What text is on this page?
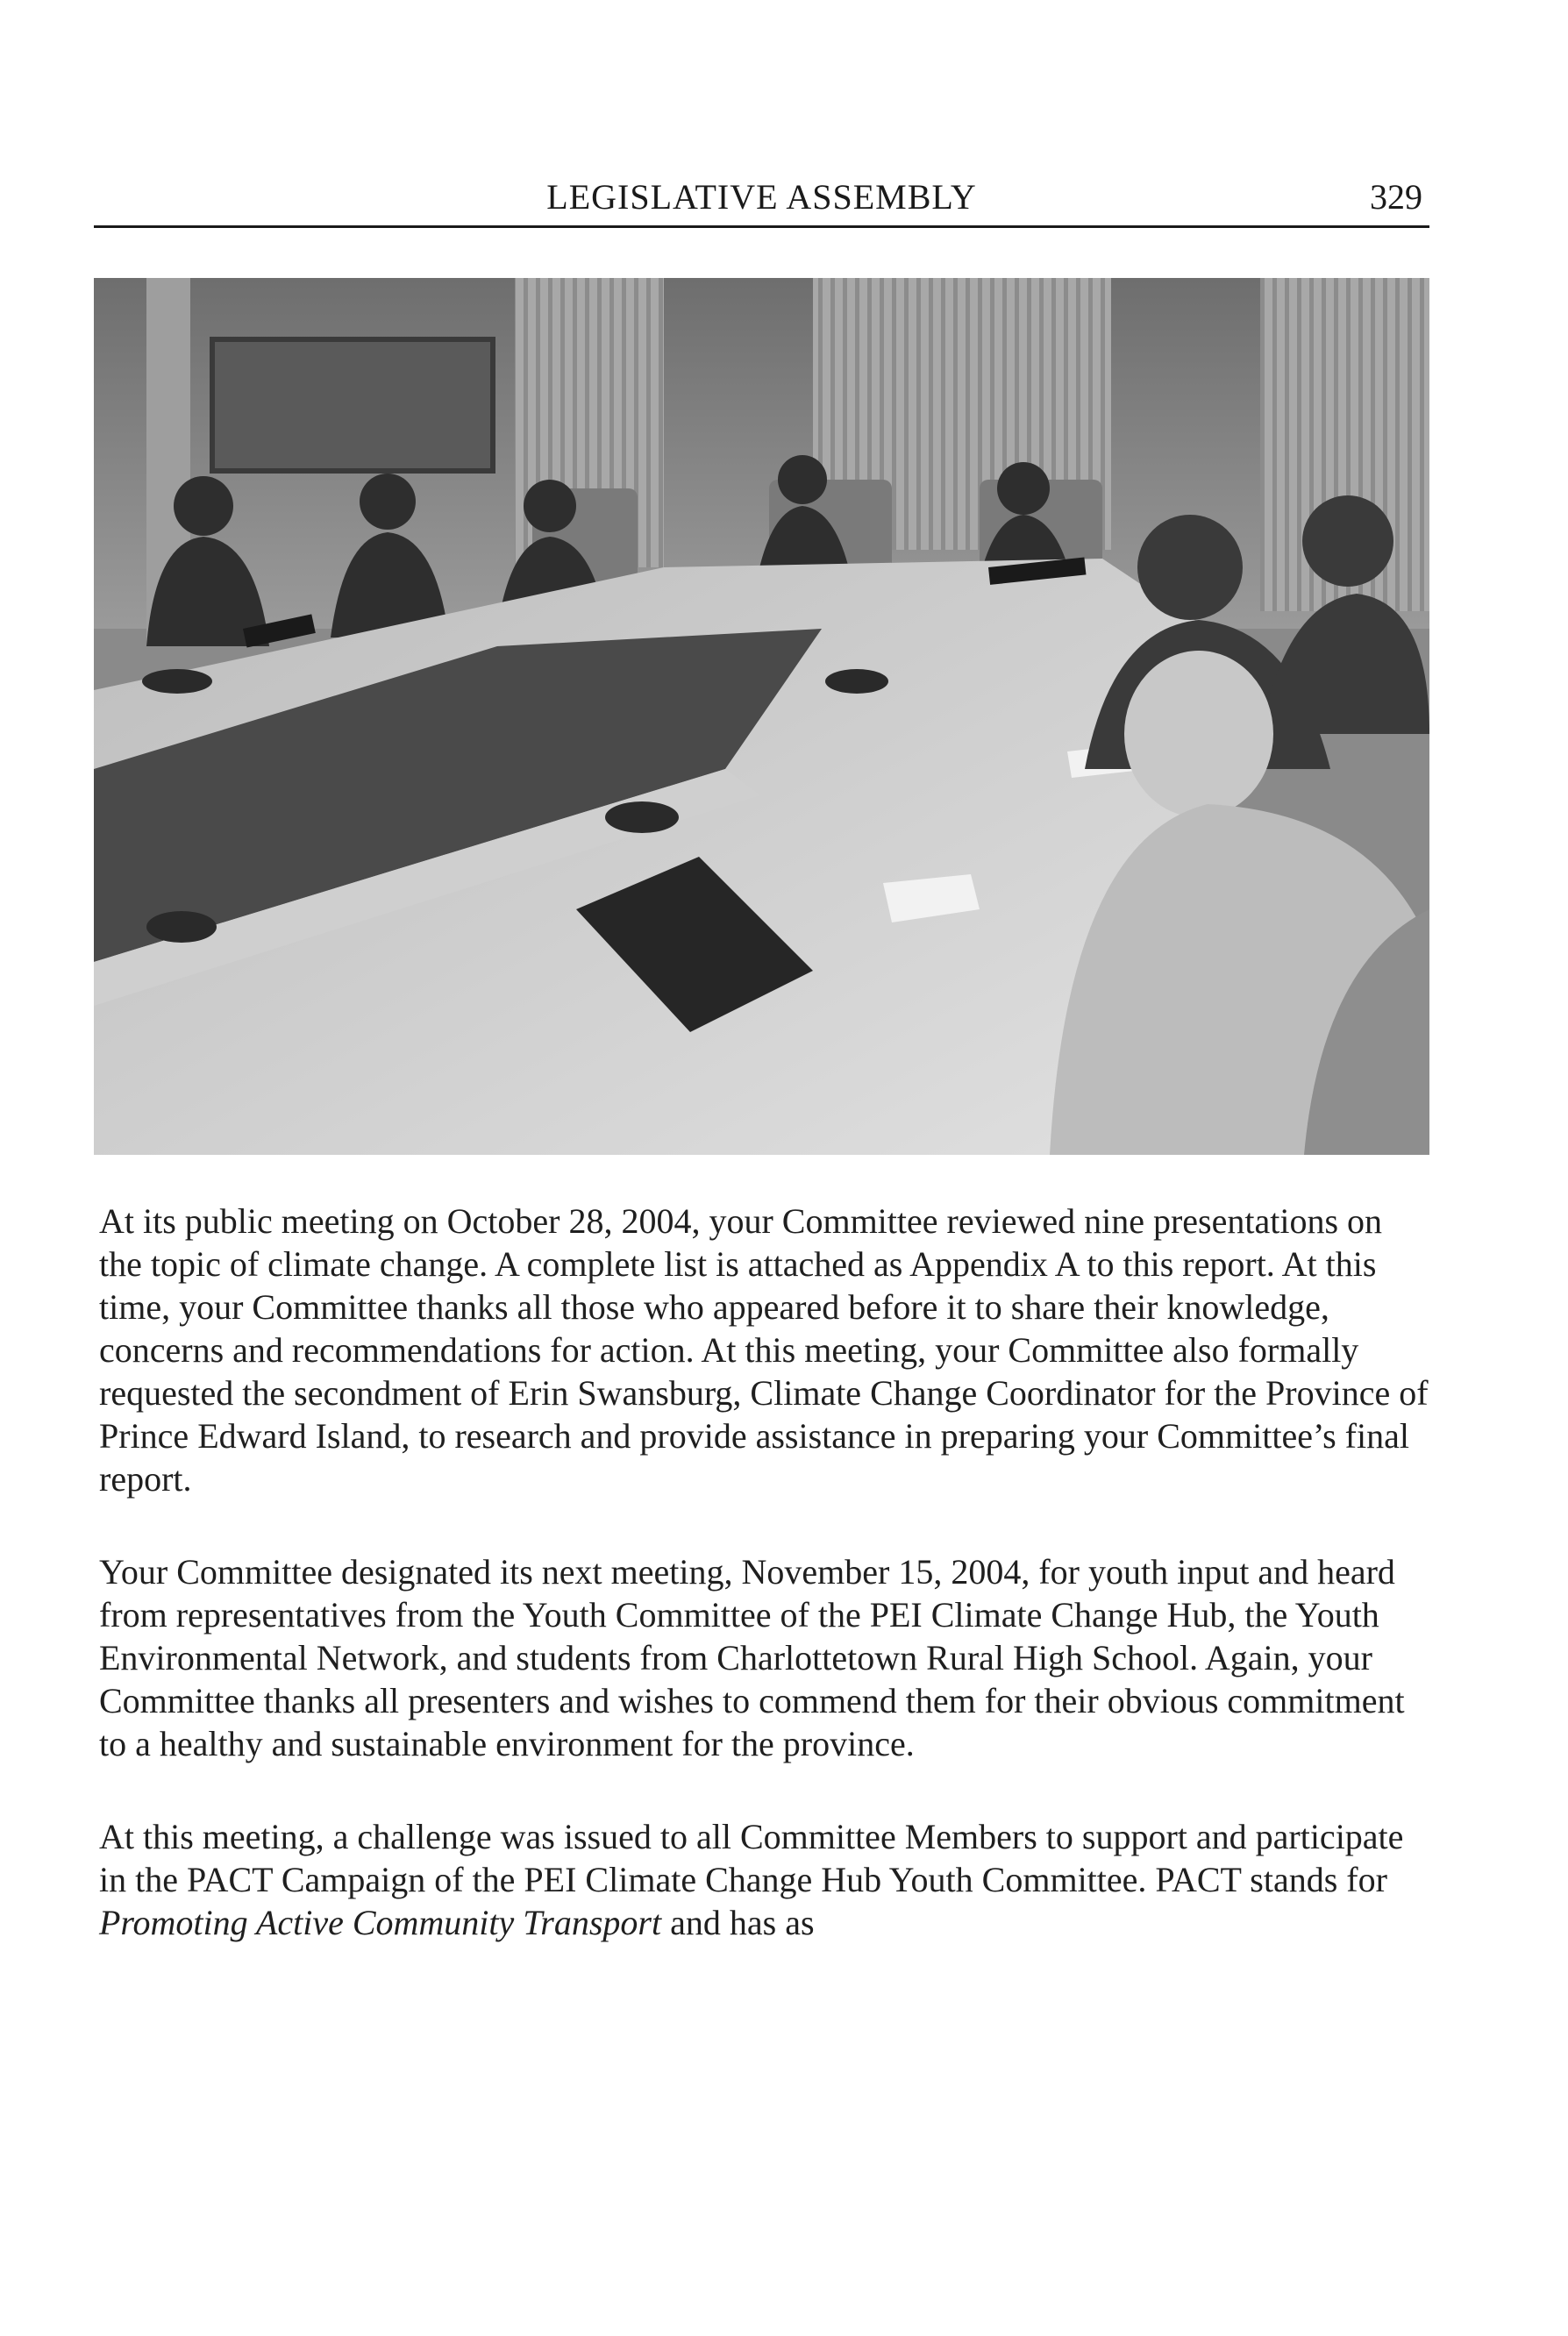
LEGISLATIVE ASSEMBLY	329

At its public meeting on October 28, 2004, your Committee reviewed nine presentations on the topic of climate change. A complete list is attached as Appendix A to this report. At this time, your Committee thanks all those who appeared before it to share their knowledge, concerns and recommendations for action. At this meeting, your Committee also formally requested the secondment of Erin Swansburg, Climate Change Coordinator for the Province of Prince Edward Island, to research and provide assistance in preparing your Committee’s final report.

Your Committee designated its next meeting, November 15, 2004, for youth input and heard from representatives from the Youth Committee of the PEI Climate Change Hub, the Youth Environmental Network, and students from Charlottetown Rural High School. Again, your Committee thanks all presenters and wishes to commend them for their obvious commitment to a healthy and sustainable environment for the province.

At this meeting, a challenge was issued to all Committee Members to support and participate in the PACT Campaign of the PEI Climate Change Hub Youth Committee. PACT stands for Promoting Active Community Transport and has as
